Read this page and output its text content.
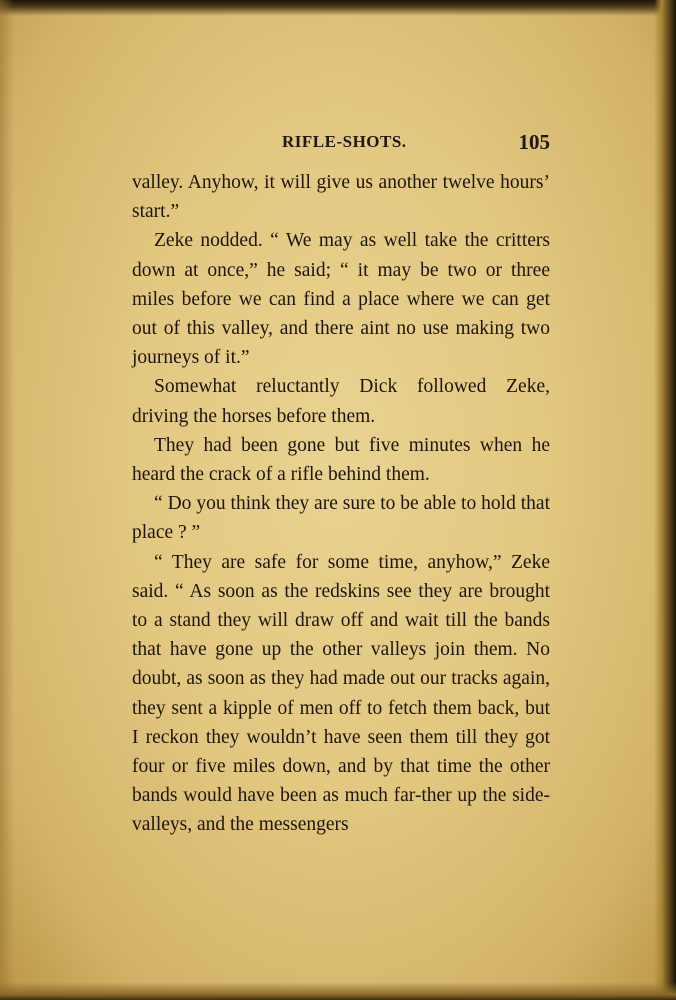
RIFLE-SHOTS.	105

valley. Anyhow, it will give us another twelve hours’ start.”

Zeke nodded. “ We may as well take the critters down at once,” he said; “ it may be two or three miles before we can find a place where we can get out of this valley, and there aint no use making two journeys of it.”

Somewhat reluctantly Dick followed Zeke, driving the horses before them.

They had been gone but five minutes when he heard the crack of a rifle behind them.

“ Do you think they are sure to be able to hold that place ? ”

“ They are safe for some time, anyhow,” Zeke said. “ As soon as the redskins see they are brought to a stand they will draw off and wait till the bands that have gone up the other valleys join them. No doubt, as soon as they had made out our tracks again, they sent a kipple of men off to fetch them back, but I reckon they wouldn’t have seen them till they got four or five miles down, and by that time the other bands would have been as much far-ther up the side-valleys, and the messengers
